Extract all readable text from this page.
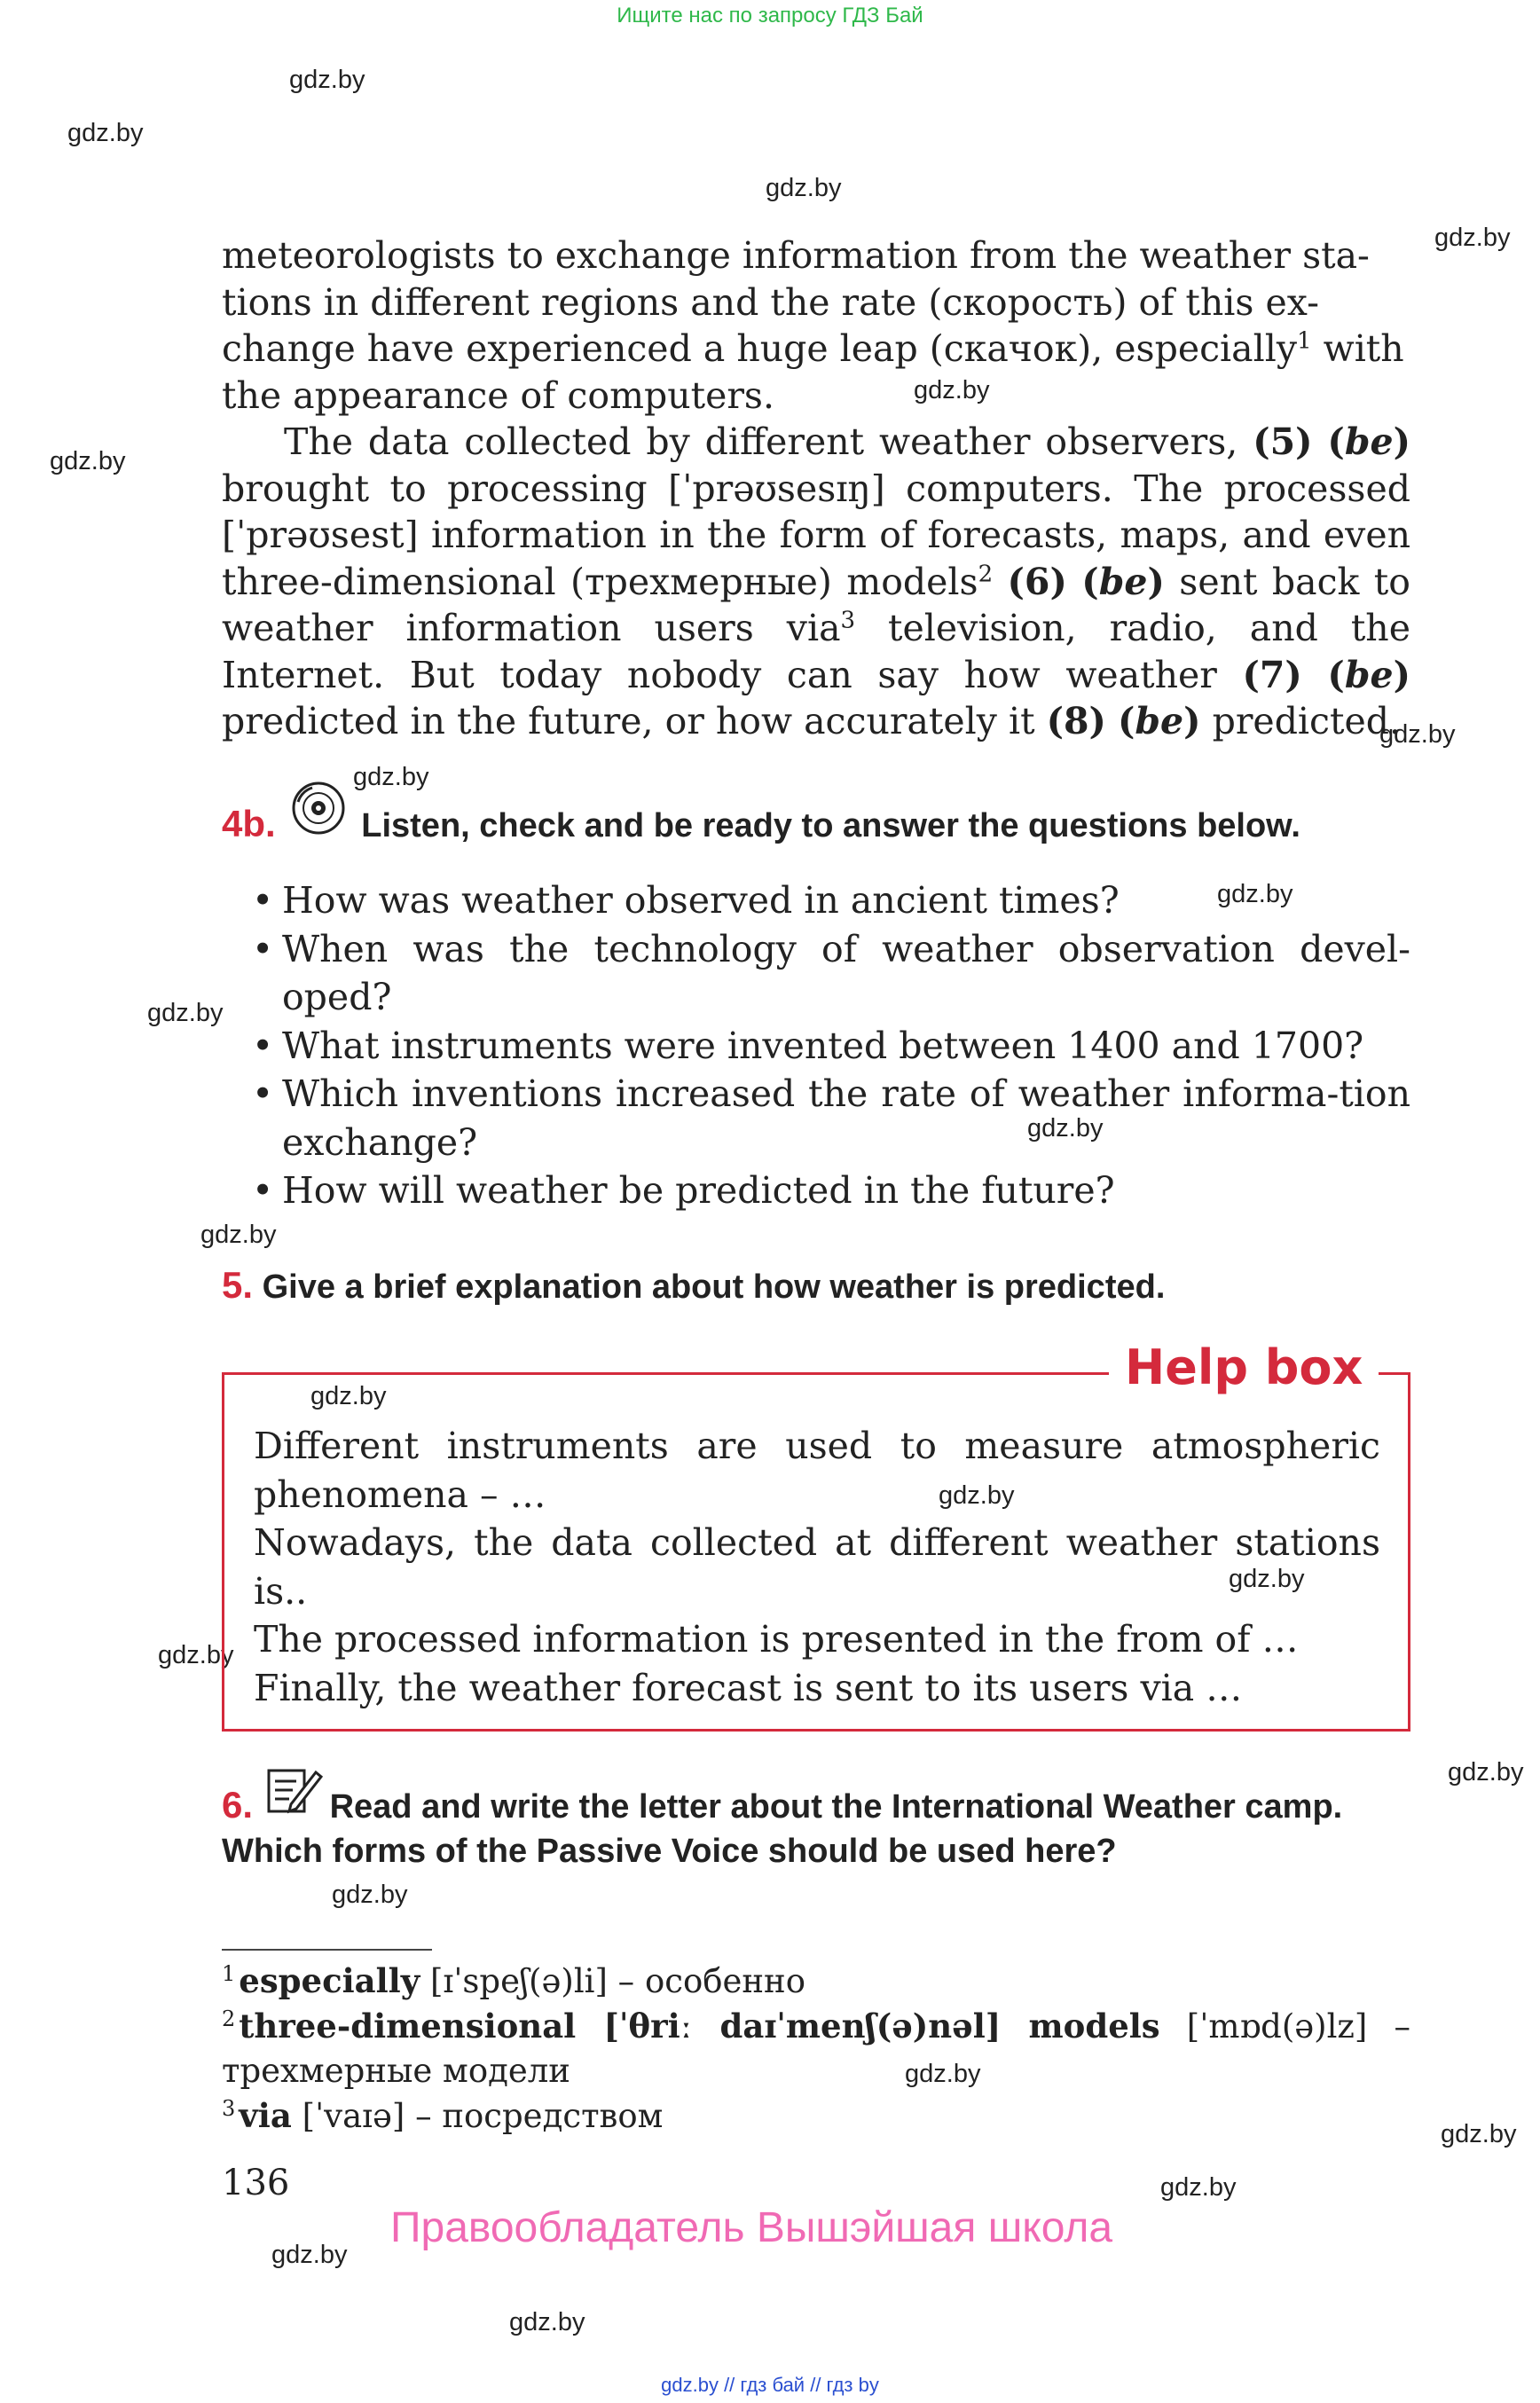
Ищите нас по запросу ГДЗ Бай
gdz.by
gdz.by
gdz.by
gdz.by
gdz.by
gdz.by
gdz.by
gdz.by
gdz.by
gdz.by
gdz.by
gdz.by
gdz.by
gdz.by
gdz.by
gdz.by
gdz.by
gdz.by
gdz.by
gdz.by
gdz.by
gdz.by
gdz.by

meteorologists to exchange information from the weather sta-

tions in different regions and the rate (скорость) of this ex-

change have experienced a huge leap (скачок), especially$^1$ with

the appearance of computers.

The data collected by different weather observers, (5) (be) brought to processing [ˈprəʊsesɪŋ] computers. The processed [ˈprəʊsest] information in the form of forecasts, maps, and even three-dimensional (трехмерные) models$^2$ (6) (be) sent back to weather information users via$^3$ television, radio, and the Internet. But today nobody can say how weather (7) (be) predicted in the future, or how accurately it (8) (be) predicted.

4b.	Listen, check and be ready to answer the questions below.
• How was weather observed in ancient times?
• When was the technology of weather observation devel-oped?
• What instruments were invented between 1400 and 1700?
• Which inventions increased the rate of weather informa-tion exchange?
• How will weather be predicted in the future?
5. Give a brief explanation about how weather is predicted.
Help box

Different instruments are used to measure atmospheric phenomena – …

Nowadays, the data collected at different weather stations is..

The processed information is presented in the from of …

Finally, the weather forecast is sent to its users via …

6. Read and write the letter about the International Weather camp. Which forms of the Passive Voice should be used here?

$^1$ especially [ɪˈspeʃ(ə)li] – особенно

$^2$ three-dimensional [ˈθriː daɪˈmenʃ(ə)nəl] models [ˈmɒd(ə)lz] – трехмерные модели

$^3$ via [ˈvaɪə] – посредством

136
Правообладатель Вышэйшая школа
gdz.by // гдз бай // гдз by
